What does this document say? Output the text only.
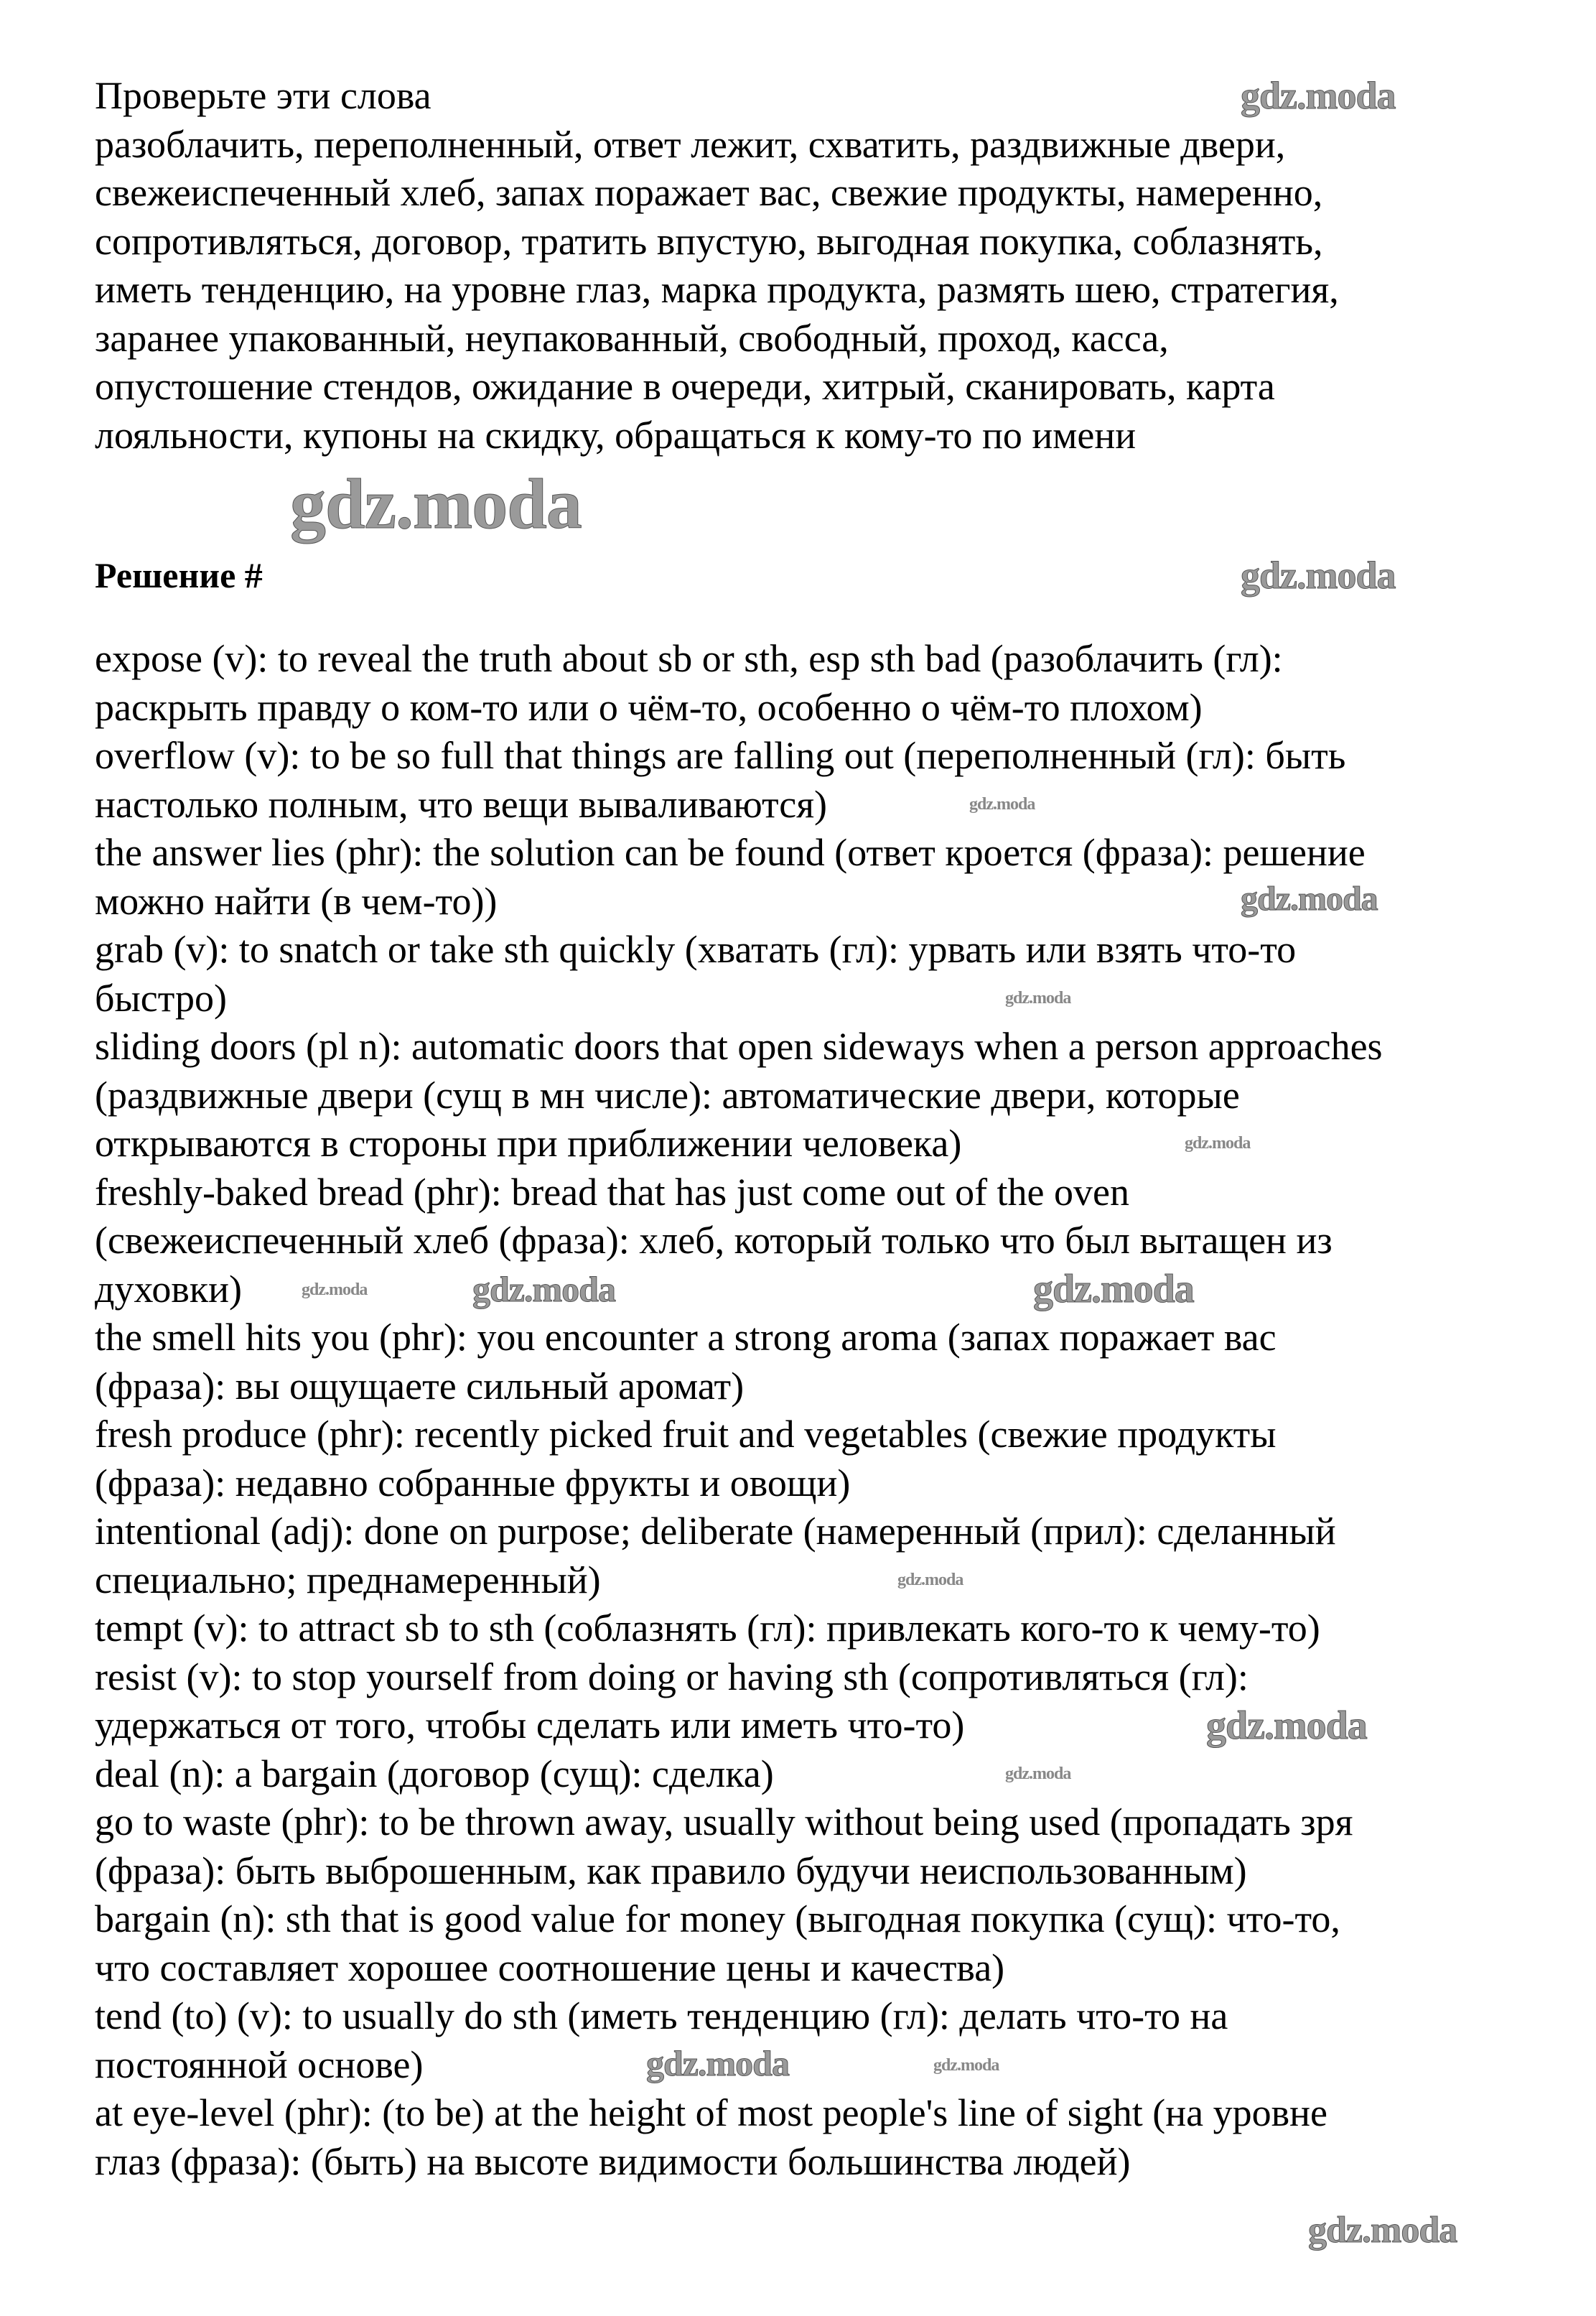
Проверьте эти слова
разоблачить, переполненный, ответ лежит, схватить, раздвижные двери,
свежеиспеченный хлеб, запах поражает вас, свежие продукты, намеренно,
сопротивляться, договор, тратить впустую, выгодная покупка, соблазнять,
иметь тенденцию, на уровне глаз, марка продукта, размять шею, стратегия,
заранее упакованный, неупакованный, свободный, проход, касса,
опустошение стендов, ожидание в очереди, хитрый, сканировать, карта
лояльности, купоны на скидку, обращаться к кому-то по имени
Решение #
expose (v): to reveal the truth about sb or sth, esp sth bad (разоблачить (гл):
раскрыть правду о ком-то или о чём-то, особенно о чём-то плохом)
overflow (v): to be so full that things are falling out (переполненный (гл): быть
настолько полным, что вещи вываливаются)
the answer lies (phr): the solution can be found (ответ кроется (фраза): решение
можно найти (в чем-то))
grab (v): to snatch or take sth quickly (хватать (гл): урвать или взять что-то
быстро)
sliding doors (pl n): automatic doors that open sideways when a person approaches
(раздвижные двери (сущ в мн числе): автоматические двери, которые
открываются в стороны при приближении человека)
freshly-baked bread (phr): bread that has just come out of the oven
(свежеиспеченный хлеб (фраза): хлеб, который только что был вытащен из
духовки)
the smell hits you (phr): you encounter a strong aroma (запах поражает вас
(фраза): вы ощущаете сильный аромат)
fresh produce (phr): recently picked fruit and vegetables (свежие продукты
(фраза): недавно собранные фрукты и овощи)
intentional (adj): done on purpose; deliberate (намеренный (прил): сделанный
специально; преднамеренный)
tempt (v): to attract sb to sth (соблазнять (гл): привлекать кого-то к чему-то)
resist (v): to stop yourself from doing or having sth (сопротивляться (гл):
удержаться от того, чтобы сделать или иметь что-то)
deal (n): a bargain (договор (сущ): сделка)
go to waste (phr): to be thrown away, usually without being used (пропадать зря
(фраза): быть выброшенным, как правило будучи неиспользованным)
bargain (n): sth that is good value for money (выгодная покупка (сущ): что-то,
что составляет хорошее соотношение цены и качества)
tend (to) (v): to usually do sth (иметь тенденцию (гл): делать что-то на
постоянной основе)
at eye-level (phr): (to be) at the height of most people's line of sight (на уровне
глаз (фраза): (быть) на высоте видимости большинства людей)
gdz.moda
gdz.moda
gdz.moda
gdz.moda
gdz.moda	gdz.moda	gdz.moda
gdz.moda
gdz.moda
gdz.moda
gdz.moda
gdz.moda
gdz.moda
gdz.moda	gdz.moda
gdz.moda
